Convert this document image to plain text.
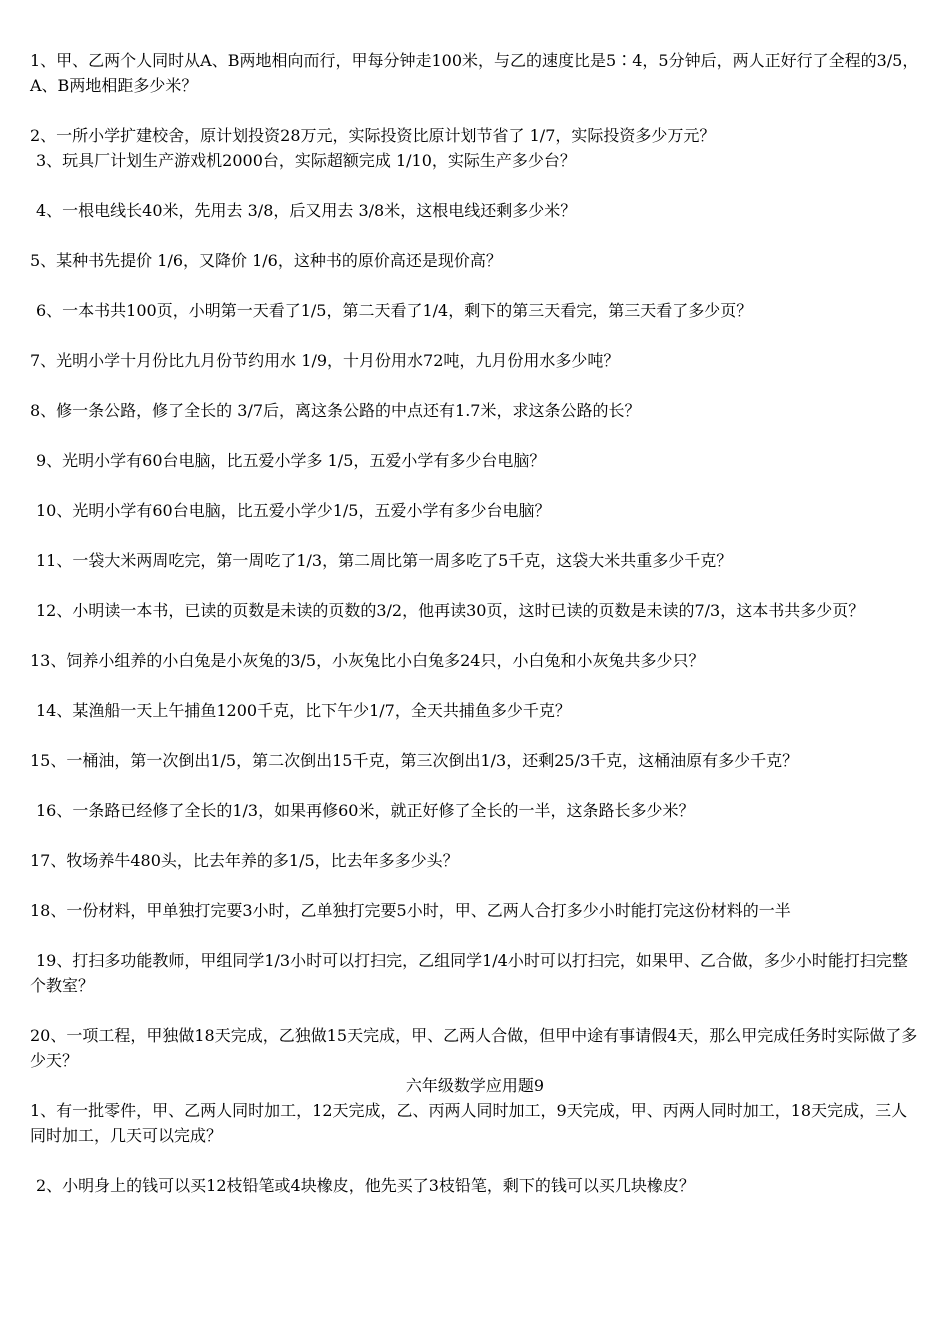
1、甲、乙两个人同时从A、B两地相向而行，甲每分钟走100米，与乙的速度比是5∶4，5分钟后，两人正好行了全程的3/5，A、B两地相距多少米？

2、一所小学扩建校舍，原计划投资28万元，实际投资比原计划节省了 1/7，实际投资多少万元？

3、玩具厂计划生产游戏机2000台，实际超额完成 1/10，实际生产多少台？

4、一根电线长40米，先用去 3/8，后又用去 3/8米，这根电线还剩多少米？

5、某种书先提价 1/6，又降价 1/6，这种书的原价高还是现价高？

6、一本书共100页，小明第一天看了1/5，第二天看了1/4，剩下的第三天看完，第三天看了多少页？

7、光明小学十月份比九月份节约用水 1/9，十月份用水72吨，九月份用水多少吨？

8、修一条公路，修了全长的 3/7后，离这条公路的中点还有1.7米，求这条公路的长？

9、光明小学有60台电脑，比五爱小学多 1/5，五爱小学有多少台电脑？

10、光明小学有60台电脑，比五爱小学少1/5，五爱小学有多少台电脑？

11、一袋大米两周吃完，第一周吃了1/3，第二周比第一周多吃了5千克，这袋大米共重多少千克？

12、小明读一本书，已读的页数是未读的页数的3/2，他再读30页，这时已读的页数是未读的7/3，这本书共多少页？

13、饲养小组养的小白兔是小灰兔的3/5，小灰兔比小白兔多24只，小白兔和小灰兔共多少只？

14、某渔船一天上午捕鱼1200千克，比下午少1/7，全天共捕鱼多少千克？

15、一桶油，第一次倒出1/5，第二次倒出15千克，第三次倒出1/3，还剩25/3千克，这桶油原有多少千克？

16、一条路已经修了全长的1/3，如果再修60米，就正好修了全长的一半，这条路长多少米？

17、牧场养牛480头，比去年养的多1/5，比去年多多少头？

18、一份材料，甲单独打完要3小时，乙单独打完要5小时，甲、乙两人合打多少小时能打完这份材料的一半

19、打扫多功能教师，甲组同学1/3小时可以打扫完，乙组同学1/4小时可以打扫完，如果甲、乙合做，多少小时能打扫完整个教室？

20、一项工程，甲独做18天完成，乙独做15天完成，甲、乙两人合做，但甲中途有事请假4天，那么甲完成任务时实际做了多少天？

六年级数学应用题9

1、有一批零件，甲、乙两人同时加工，12天完成，乙、丙两人同时加工，9天完成，甲、丙两人同时加工，18天完成，三人同时加工，几天可以完成？

2、小明身上的钱可以买12枝铅笔或4块橡皮，他先买了3枝铅笔，剩下的钱可以买几块橡皮？
